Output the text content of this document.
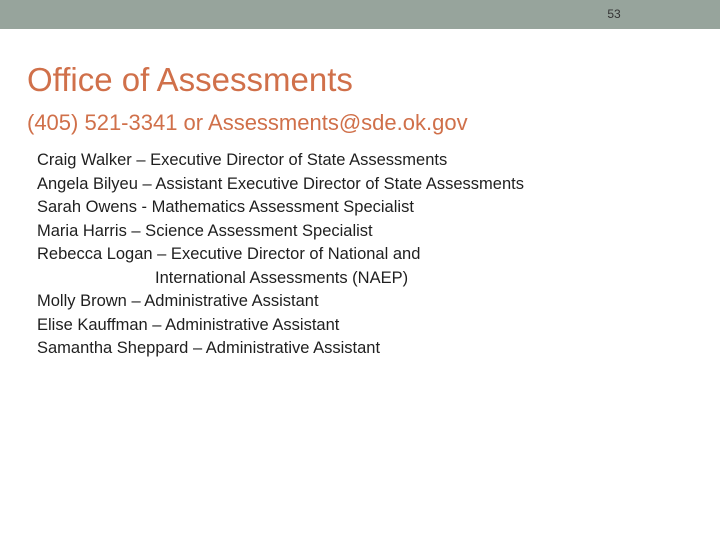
53
Office of Assessments
(405) 521-3341 or Assessments@sde.ok.gov
Craig Walker – Executive Director of State Assessments
Angela Bilyeu – Assistant Executive Director of State Assessments
Sarah Owens - Mathematics Assessment Specialist
Maria Harris – Science Assessment Specialist
Rebecca Logan – Executive Director of National and
International Assessments (NAEP)
Molly Brown – Administrative Assistant
Elise Kauffman – Administrative Assistant
Samantha Sheppard – Administrative Assistant
